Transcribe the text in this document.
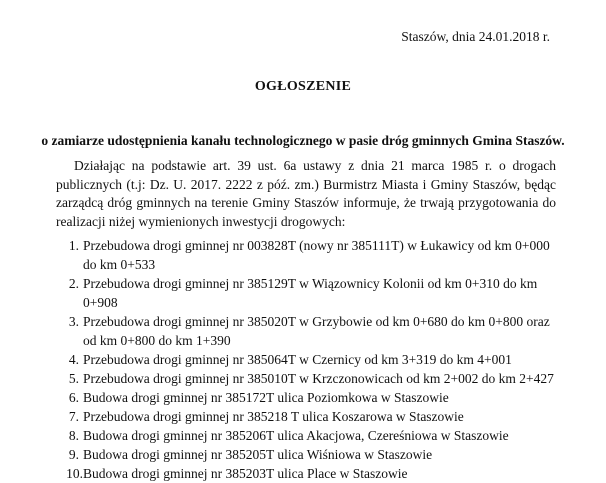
Staszów, dnia 24.01.2018 r.
OGŁOSZENIE
o zamiarze udostępnienia kanału technologicznego w pasie dróg gminnych Gmina Staszów.

Działając na podstawie art. 39 ust. 6a ustawy z dnia 21 marca 1985 r. o drogach publicznych (t.j: Dz. U. 2017. 2222 z póź. zm.) Burmistrz Miasta i Gminy Staszów, będąc zarządcą dróg gminnych na terenie Gminy Staszów informuje, że trwają przygotowania do realizacji niżej wymienionych inwestycji drogowych:

1. Przebudowa drogi gminnej nr 003828T (nowy nr 385111T) w Łukawicy od km 0+000 do km 0+533
2. Przebudowa drogi gminnej nr 385129T w Wiązownicy Kolonii od km 0+310 do km 0+908
3. Przebudowa drogi gminnej nr 385020T w Grzybowie od km 0+680 do km 0+800 oraz od km 0+800 do km 1+390
4. Przebudowa drogi gminnej nr 385064T w Czernicy od km 3+319 do km 4+001
5. Przebudowa drogi gminnej nr 385010T w Krzczonowicach od km 2+002 do km 2+427
6. Budowa drogi gminnej nr 385172T ulica Poziomkowa w Staszowie
7. Przebudowa drogi gminnej nr 385218 T ulica Koszarowa w Staszowie
8. Budowa drogi gminnej nr 385206T ulica Akacjowa, Czereśniowa w Staszowie
9. Budowa drogi gminnej nr 385205T ulica Wiśniowa w Staszowie
10. Budowa drogi gminnej nr 385203T ulica Place w Staszowie
